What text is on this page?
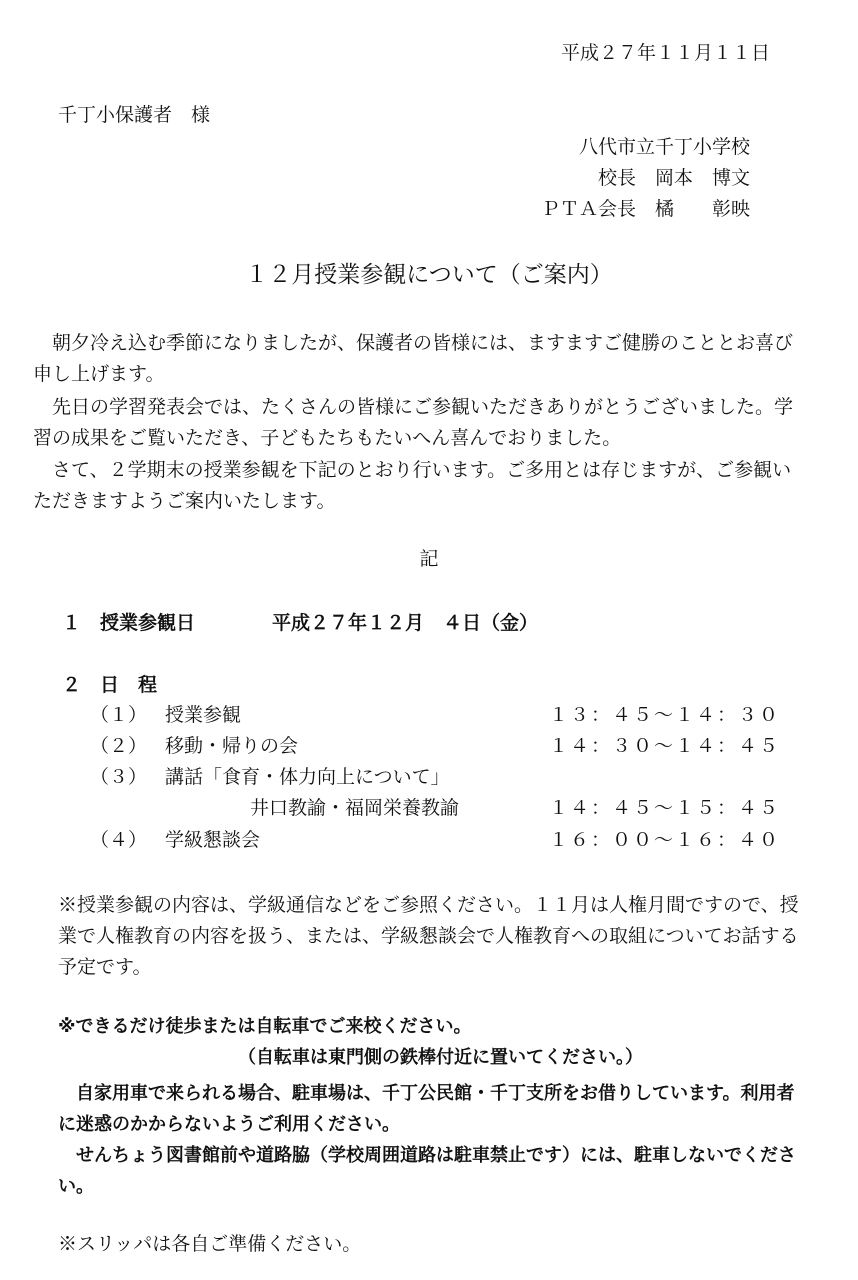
平成２７年１１月１１日
千丁小保護者　様
八代市立千丁小学校
校長　岡本　博文
ＰＴＡ会長　橘　　彰映
１２月授業参観について（ご案内）
朝夕冷え込む季節になりましたが、保護者の皆様には、ますますご健勝のこととお喜び申し上げます。
先日の学習発表会では、たくさんの皆様にご参観いただきありがとうございました。学習の成果をご覧いただき、子どもたちもたいへん喜んでおりました。
さて、２学期末の授業参観を下記のとおり行います。ご多用とは存じますが、ご参観いただきますようご案内いたします。
記
１　授業参観日	平成２７年１２月　４日（金）
２　日　程
（１） 授業参観	１３：４５～１４：３０
（２） 移動・帰りの会	１４：３０～１４：４５
（３） 講話「食育・体力向上について」
井口教諭・福岡栄養教諭	１４：４５～１５：４５
（４） 学級懇談会	１６：００～１６：４０
※授業参観の内容は、学級通信などをご参照ください。１１月は人権月間ですので、授業で人権教育の内容を扱う、または、学級懇談会で人権教育への取組についてお話する予定です。
※できるだけ徒歩または自転車でご来校ください。
（自転車は東門側の鉄棒付近に置いてください。）
自家用車で来られる場合、駐車場は、千丁公民館・千丁支所をお借りしています。利用者に迷惑のかからないようご利用ください。
せんちょう図書館前や道路脇（学校周囲道路は駐車禁止です）には、駐車しないでください。
※スリッパは各自ご準備ください。
